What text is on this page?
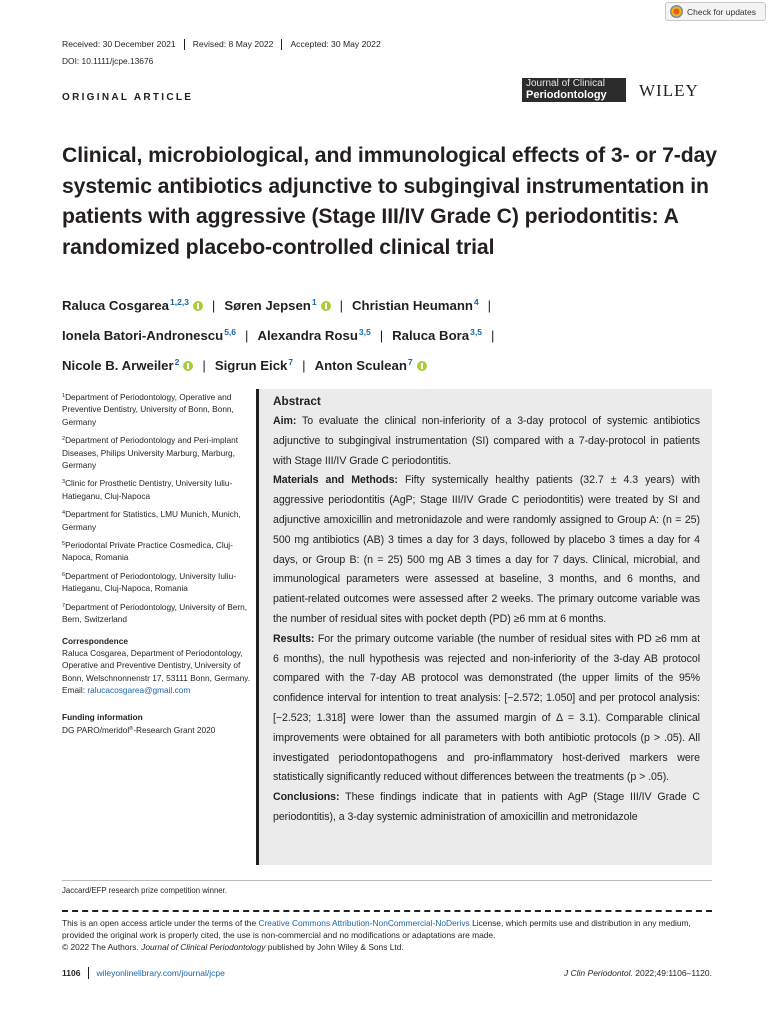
Check for updates
Received: 30 December 2021	Revised: 8 May 2022	Accepted: 30 May 2022
DOI: 10.1111/jcpe.13676
Journal of Clinical
Periodontology	WILEY
ORIGINAL ARTICLE
Clinical, microbiological, and immunological effects of 3- or 7-day systemic antibiotics adjunctive to subgingival instrumentation in patients with aggressive (Stage III/IV Grade C) periodontitis: A randomized placebo-controlled clinical trial
Raluca Cosgarea$^{1,2,3}$ | Søren Jepsen$^1$ | Christian Heumann$^4$ |
Ionela Batori-Andronescu$^{5,6}$ | Alexandra Rosu$^{3,5}$ | Raluca Bora$^{3,5}$ |
Nicole B. Arweiler$^2$ | Sigrun Eick$^7$ | Anton Sculean$^7$
$^1$Department of Periodontology, Operative and Preventive Dentistry, University of Bonn, Bonn, Germany
$^2$Department of Periodontology and Peri-implant Diseases, Philips University Marburg, Marburg, Germany
$^3$Clinic for Prosthetic Dentistry, University Iuliu-Hatieganu, Cluj-Napoca
$^4$Department for Statistics, LMU Munich, Munich, Germany
$^5$Periodontal Private Practice Cosmedica, Cluj-Napoca, Romania
$^6$Department of Periodontology, University Iuliu-Hatieganu, Cluj-Napoca, Romania
$^7$Department of Periodontology, University of Bern, Bern, Switzerland
Correspondence
Raluca Cosgarea, Department of Periodontology, Operative and Preventive Dentistry, University of Bonn, Welschnonnenstr 17, 53111 Bonn, Germany.
Email: ralucacosgarea@gmail.com
Funding information
DG PARO/meridol®-Research Grant 2020
Abstract

Aim: To evaluate the clinical non-inferiority of a 3-day protocol of systemic antibiotics adjunctive to subgingival instrumentation (SI) compared with a 7-day-protocol in patients with Stage III/IV Grade C periodontitis.

Materials and Methods: Fifty systemically healthy patients (32.7 ± 4.3 years) with aggressive periodontitis (AgP; Stage III/IV Grade C periodontitis) were treated by SI and adjunctive amoxicillin and metronidazole and were randomly assigned to Group A: (n = 25) 500 mg antibiotics (AB) 3 times a day for 3 days, followed by placebo 3 times a day for 4 days, or Group B: (n = 25) 500 mg AB 3 times a day for 7 days. Clinical, microbial, and immunological parameters were assessed at baseline, 3 months, and 6 months, and patient-related outcomes were assessed after 2 weeks. The primary outcome variable was the number of residual sites with pocket depth (PD) ≥6 mm at 6 months.

Results: For the primary outcome variable (the number of residual sites with PD ≥6 mm at 6 months), the null hypothesis was rejected and non-inferiority of the 3-day AB protocol compared with the 7-day AB protocol was demonstrated (the upper limits of the 95% confidence interval for intention to treat analysis: [−2.572; 1.050] and per protocol analysis: [−2.523; 1.318] were lower than the assumed margin of Δ = 3.1). Comparable clinical improvements were obtained for all parameters with both antibiotic protocols (p > .05). All investigated periodontopathogens and pro-inflammatory host-derived markers were statistically significantly reduced without differences between the treatments (p > .05).

Conclusions: These findings indicate that in patients with AgP (Stage III/IV Grade C periodontitis), a 3-day systemic administration of amoxicillin and metronidazole

Jaccard/EFP research prize competition winner.
This is an open access article under the terms of the Creative Commons Attribution-NonCommercial-NoDerivs License, which permits use and distribution in any medium, provided the original work is properly cited, the use is non-commercial and no modifications or adaptations are made.
© 2022 The Authors. Journal of Clinical Periodontology published by John Wiley & Sons Ltd.
1106	wileyonlinelibrary.com/journal/jcpe	J Clin Periodontol. 2022;49:1106–1120.
